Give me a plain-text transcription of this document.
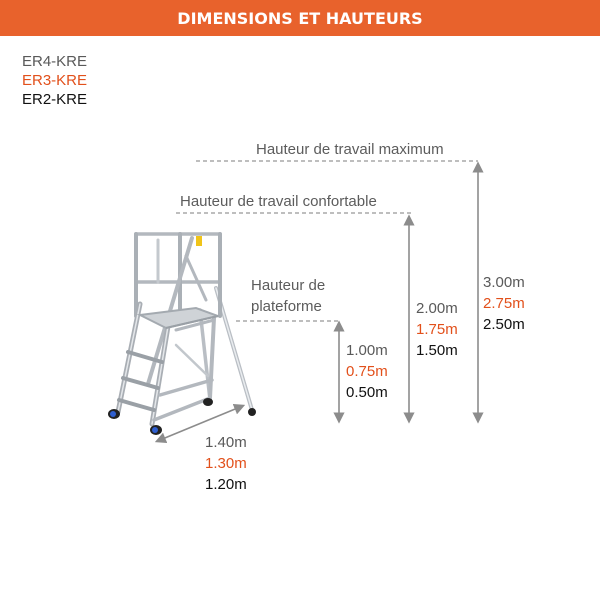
DIMENSIONS ET HAUTEURS
ER4-KRE
ER3-KRE
ER2-KRE
Hauteur de travail maximum
Hauteur de travail confortable
Hauteur de
plateforme
3.00m
2.75m
2.50m
2.00m
1.75m
1.50m
1.00m
0.75m
0.50m
1.40m
1.30m
1.20m
